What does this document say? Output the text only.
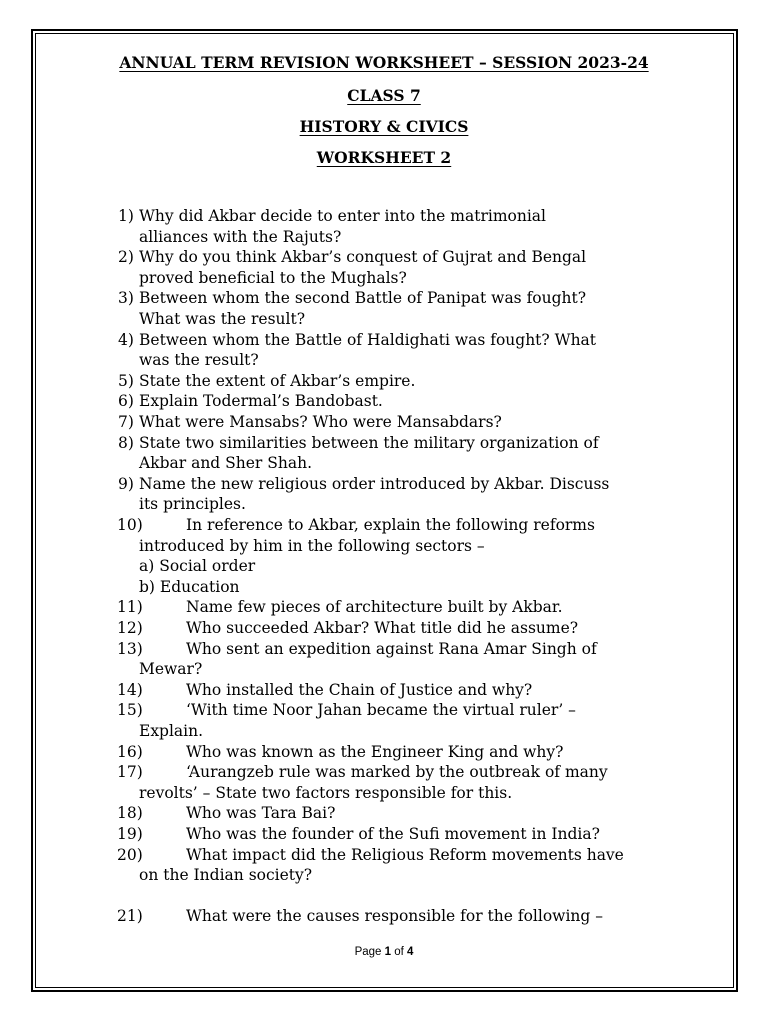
ANNUAL TERM REVISION WORKSHEET – SESSION 2023-24
CLASS 7
HISTORY & CIVICS
WORKSHEET 2
1) Why did Akbar decide to enter into the matrimonial
alliances with the Rajuts?
2) Why do you think Akbar’s conquest of Gujrat and Bengal
proved beneficial to the Mughals?
3) Between whom the second Battle of Panipat was fought?
What was the result?
4) Between whom the Battle of Haldighati was fought? What
was the result?
5) State the extent of Akbar’s empire.
6) Explain Todermal’s Bandobast.
7) What were Mansabs? Who were Mansabdars?
8) State two similarities between the military organization of
Akbar and Sher Shah.
9) Name the new religious order introduced by Akbar. Discuss
its principles.
10)	In reference to Akbar, explain the following reforms
introduced by him in the following sectors –
a) Social order
b) Education
11)	Name few pieces of architecture built by Akbar.
12)	Who succeeded Akbar? What title did he assume?
13)	Who sent an expedition against Rana Amar Singh of
Mewar?
14)	Who installed the Chain of Justice and why?
15)	‘With time Noor Jahan became the virtual ruler’ –
Explain.
16)	Who was known as the Engineer King and why?
17)	‘Aurangzeb rule was marked by the outbreak of many
revolts’ – State two factors responsible for this.
18)	Who was Tara Bai?
19)	Who was the founder of the Sufi movement in India?
20)	What impact did the Religious Reform movements have
on the Indian society?
21)	What were the causes responsible for the following –
Page 1 of 4
